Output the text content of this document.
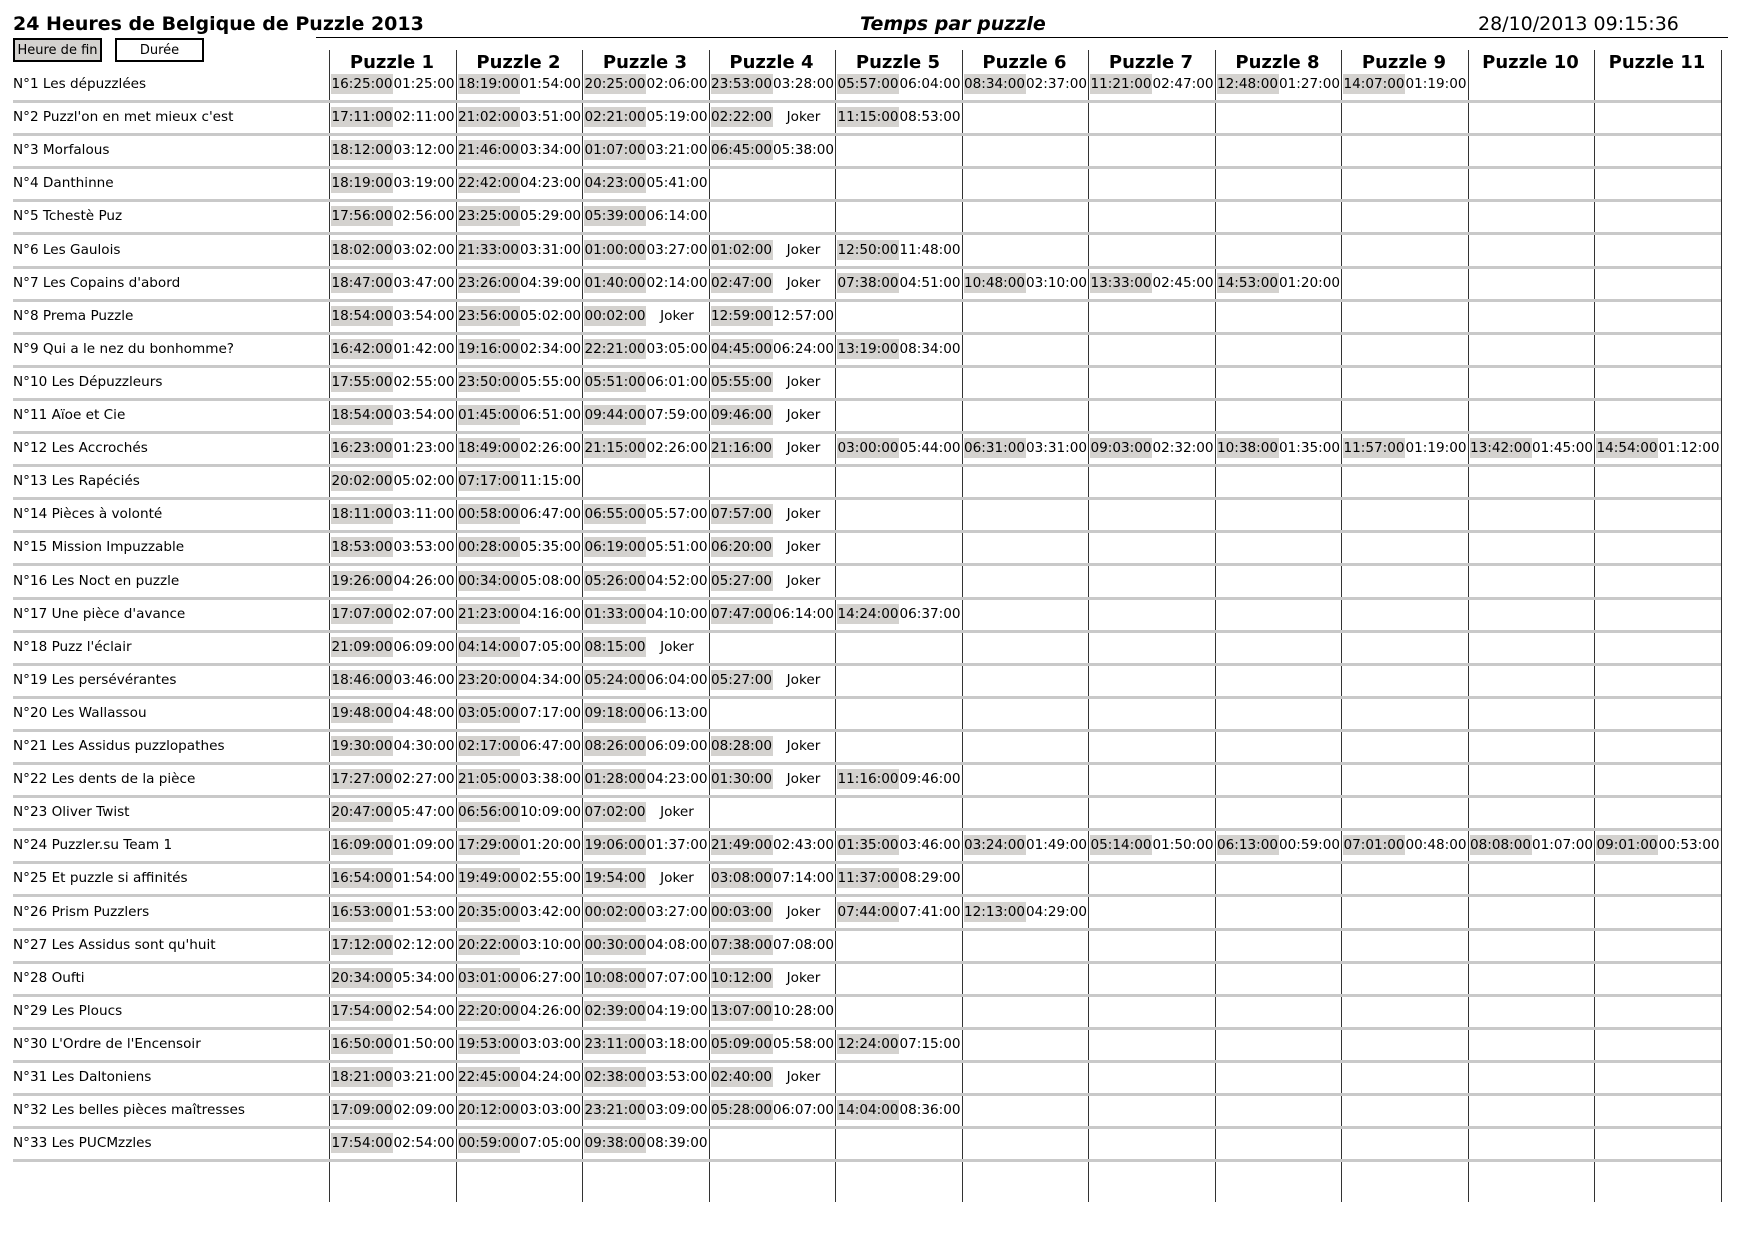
24 Heures de Belgique de Puzzle 2013	Temps par puzzle	28/10/2013 09:15:36
Heure de fin	Durée
Puzzle 1	Puzzle 2	Puzzle 3	Puzzle 4	Puzzle 5	Puzzle 6	Puzzle 7	Puzzle 8	Puzzle 9	Puzzle 10	Puzzle 11
N°1 Les dépuzzlées	16:25:00 01:25:00 18:19:00 01:54:00 20:25:00 02:06:00 23:53:00 03:28:00 05:57:00 06:04:00 08:34:00 02:37:00 11:21:00 02:47:00 12:48:00 01:27:00 14:07:00 01:19:00
N°2 Puzzl'on en met mieux c'est	17:11:00 02:11:00 21:02:00 03:51:00 02:21:00 05:19:00 02:22:00	Joker	11:15:00 08:53:00
N°3 Morfalous	18:12:00 03:12:00 21:46:00 03:34:00 01:07:00 03:21:00 06:45:00 05:38:00
N°4 Danthinne	18:19:00 03:19:00 22:42:00 04:23:00 04:23:00 05:41:00
N°5 Tchestè Puz	17:56:00 02:56:00 23:25:00 05:29:00 05:39:00 06:14:00
N°6 Les Gaulois	18:02:00 03:02:00 21:33:00 03:31:00 01:00:00 03:27:00 01:02:00	Joker	12:50:00 11:48:00
N°7 Les Copains d'abord	18:47:00 03:47:00 23:26:00 04:39:00 01:40:00 02:14:00 02:47:00	Joker	07:38:00 04:51:00 10:48:00 03:10:00 13:33:00 02:45:00 14:53:00 01:20:00
N°8 Prema Puzzle	18:54:00 03:54:00 23:56:00 05:02:00 00:02:00	Joker	12:59:00 12:57:00
N°9 Qui a le nez du bonhomme?	16:42:00 01:42:00 19:16:00 02:34:00 22:21:00 03:05:00 04:45:00 06:24:00 13:19:00 08:34:00
N°10 Les Dépuzzleurs	17:55:00 02:55:00 23:50:00 05:55:00 05:51:00 06:01:00 05:55:00	Joker
N°11 Aïoe et Cie	18:54:00 03:54:00 01:45:00 06:51:00 09:44:00 07:59:00 09:46:00	Joker
N°12 Les Accrochés	16:23:00 01:23:00 18:49:00 02:26:00 21:15:00 02:26:00 21:16:00	Joker	03:00:00 05:44:00 06:31:00 03:31:00 09:03:00 02:32:00 10:38:00 01:35:00 11:57:00 01:19:00 13:42:00 01:45:00 14:54:00 01:12:00
N°13 Les Rapéciés	20:02:00 05:02:00 07:17:00 11:15:00
N°14 Pièces à volonté	18:11:00 03:11:00 00:58:00 06:47:00 06:55:00 05:57:00 07:57:00	Joker
N°15 Mission Impuzzable	18:53:00 03:53:00 00:28:00 05:35:00 06:19:00 05:51:00 06:20:00	Joker
N°16 Les Noct en puzzle	19:26:00 04:26:00 00:34:00 05:08:00 05:26:00 04:52:00 05:27:00	Joker
N°17 Une pièce d'avance	17:07:00 02:07:00 21:23:00 04:16:00 01:33:00 04:10:00 07:47:00 06:14:00 14:24:00 06:37:00
N°18 Puzz l'éclair	21:09:00 06:09:00 04:14:00 07:05:00 08:15:00	Joker
N°19 Les persévérantes	18:46:00 03:46:00 23:20:00 04:34:00 05:24:00 06:04:00 05:27:00	Joker
N°20 Les Wallassou	19:48:00 04:48:00 03:05:00 07:17:00 09:18:00 06:13:00
N°21 Les Assidus puzzlopathes	19:30:00 04:30:00 02:17:00 06:47:00 08:26:00 06:09:00 08:28:00	Joker
N°22 Les dents de la pièce	17:27:00 02:27:00 21:05:00 03:38:00 01:28:00 04:23:00 01:30:00	Joker	11:16:00 09:46:00
N°23 Oliver Twist	20:47:00 05:47:00 06:56:00 10:09:00 07:02:00	Joker
N°24 Puzzler.su Team 1	16:09:00 01:09:00 17:29:00 01:20:00 19:06:00 01:37:00 21:49:00 02:43:00 01:35:00 03:46:00 03:24:00 01:49:00 05:14:00 01:50:00 06:13:00 00:59:00 07:01:00 00:48:00 08:08:00 01:07:00 09:01:00 00:53:00
N°25 Et puzzle si affinités	16:54:00 01:54:00 19:49:00 02:55:00 19:54:00	Joker	03:08:00 07:14:00 11:37:00 08:29:00
N°26 Prism Puzzlers	16:53:00 01:53:00 20:35:00 03:42:00 00:02:00 03:27:00 00:03:00	Joker	07:44:00 07:41:00 12:13:00 04:29:00
N°27 Les Assidus sont qu'huit	17:12:00 02:12:00 20:22:00 03:10:00 00:30:00 04:08:00 07:38:00 07:08:00
N°28 Oufti	20:34:00 05:34:00 03:01:00 06:27:00 10:08:00 07:07:00 10:12:00	Joker
N°29 Les Ploucs	17:54:00 02:54:00 22:20:00 04:26:00 02:39:00 04:19:00 13:07:00 10:28:00
N°30 L'Ordre de l'Encensoir	16:50:00 01:50:00 19:53:00 03:03:00 23:11:00 03:18:00 05:09:00 05:58:00 12:24:00 07:15:00
N°31 Les Daltoniens	18:21:00 03:21:00 22:45:00 04:24:00 02:38:00 03:53:00 02:40:00	Joker
N°32 Les belles pièces maîtresses	17:09:00 02:09:00 20:12:00 03:03:00 23:21:00 03:09:00 05:28:00 06:07:00 14:04:00 08:36:00
N°33 Les PUCMzzles	17:54:00 02:54:00 00:59:00 07:05:00 09:38:00 08:39:00
